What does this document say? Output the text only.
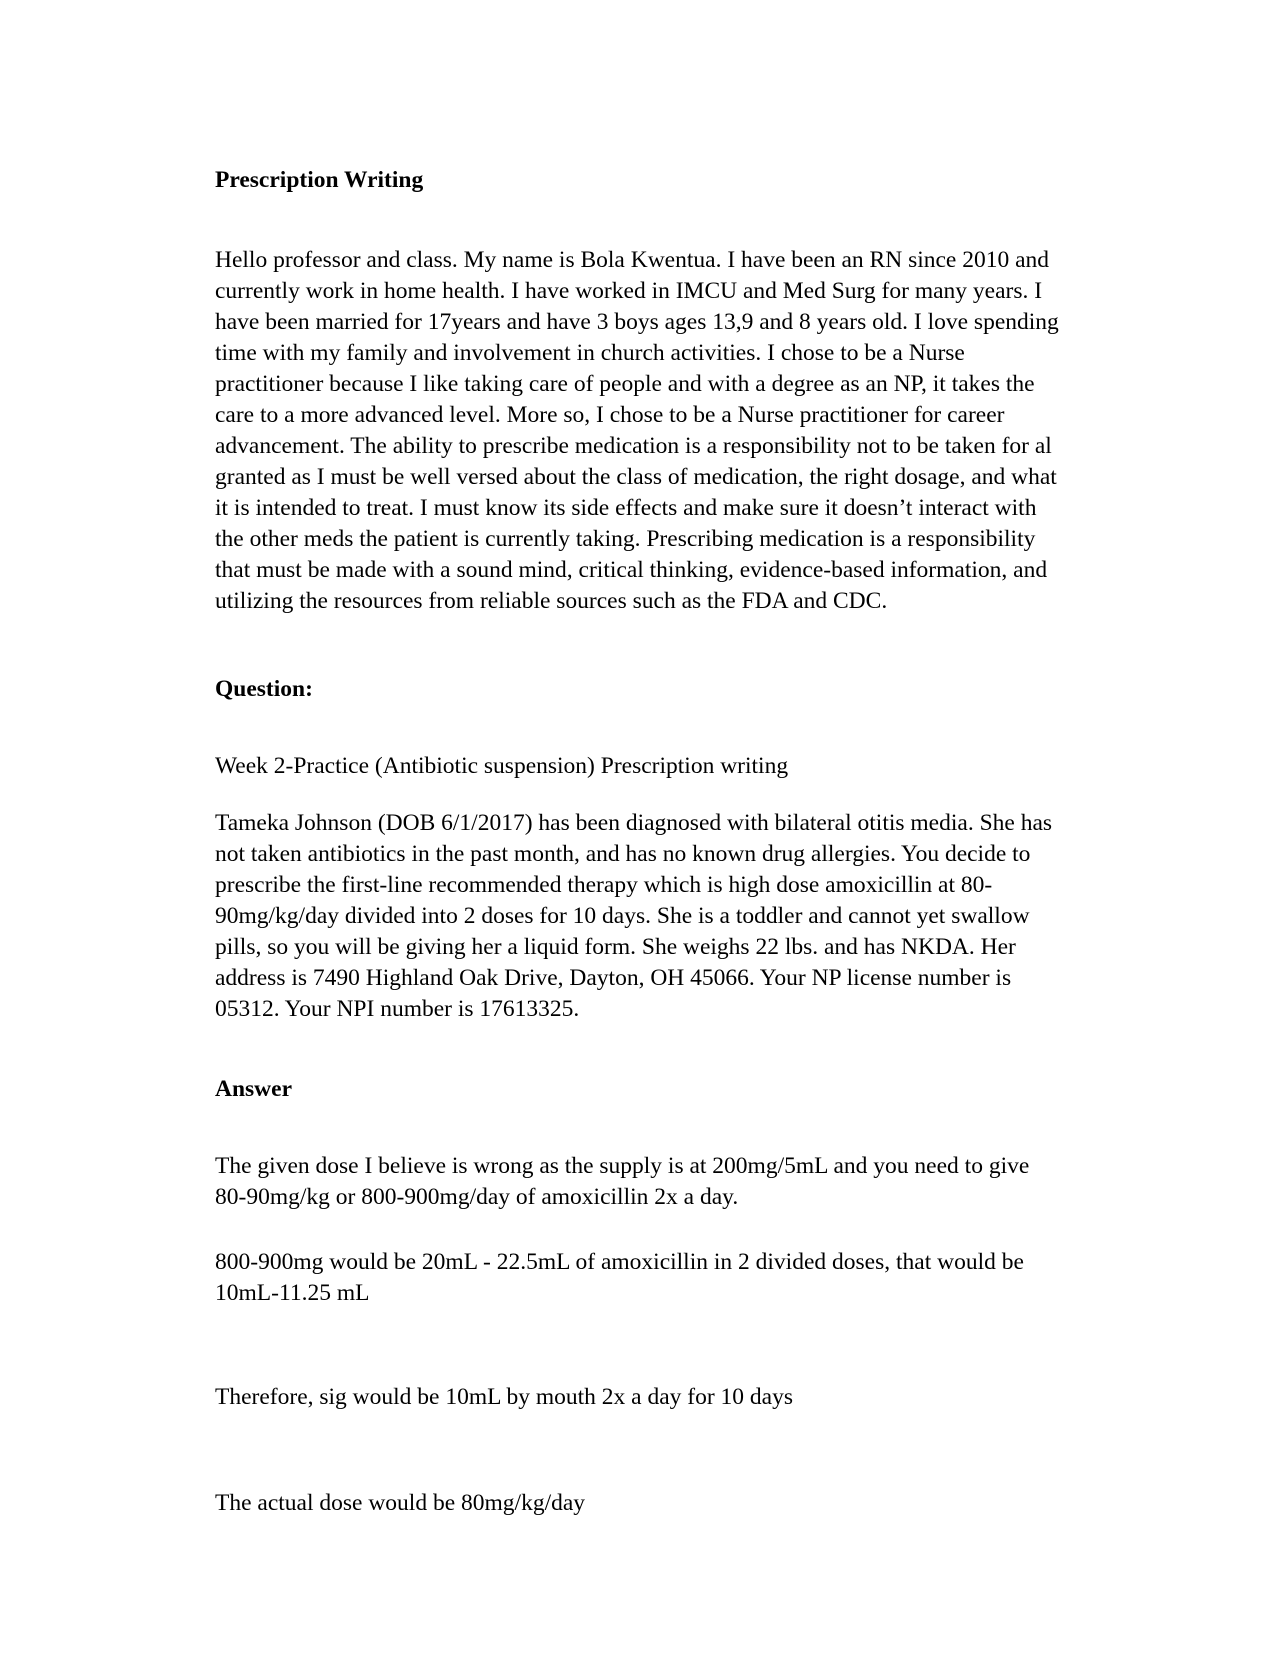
Prescription Writing

Hello professor and class. My name is Bola Kwentua. I have been an RN since 2010 and
currently work in home health. I have worked in IMCU and Med Surg for many years. I
have been married for 17years and have 3 boys ages 13,9 and 8 years old. I love spending
time with my family and involvement in church activities. I chose to be a Nurse
practitioner because I like taking care of people and with a degree as an NP, it takes the
care to a more advanced level. More so, I chose to be a Nurse practitioner for career
advancement. The ability to prescribe medication is a responsibility not to be taken for al
granted as I must be well versed about the class of medication, the right dosage, and what
it is intended to treat. I must know its side effects and make sure it doesn’t interact with
the other meds the patient is currently taking. Prescribing medication is a responsibility
that must be made with a sound mind, critical thinking, evidence-based information, and
utilizing the resources from reliable sources such as the FDA and CDC.

Question:

Week 2-Practice (Antibiotic suspension) Prescription writing

Tameka Johnson (DOB 6/1/2017) has been diagnosed with bilateral otitis media. She has
not taken antibiotics in the past month, and has no known drug allergies. You decide to
prescribe the first-line recommended therapy which is high dose amoxicillin at 80-
90mg/kg/day divided into 2 doses for 10 days. She is a toddler and cannot yet swallow
pills, so you will be giving her a liquid form. She weighs 22 lbs. and has NKDA. Her
address is 7490 Highland Oak Drive, Dayton, OH 45066. Your NP license number is
05312. Your NPI number is 17613325.

Answer

The given dose I believe is wrong as the supply is at 200mg/5mL and you need to give
80-90mg/kg or 800-900mg/day of amoxicillin 2x a day.

800-900mg would be 20mL - 22.5mL of amoxicillin in 2 divided doses, that would be
10mL-11.25 mL

Therefore, sig would be 10mL by mouth 2x a day for 10 days

The actual dose would be 80mg/kg/day
